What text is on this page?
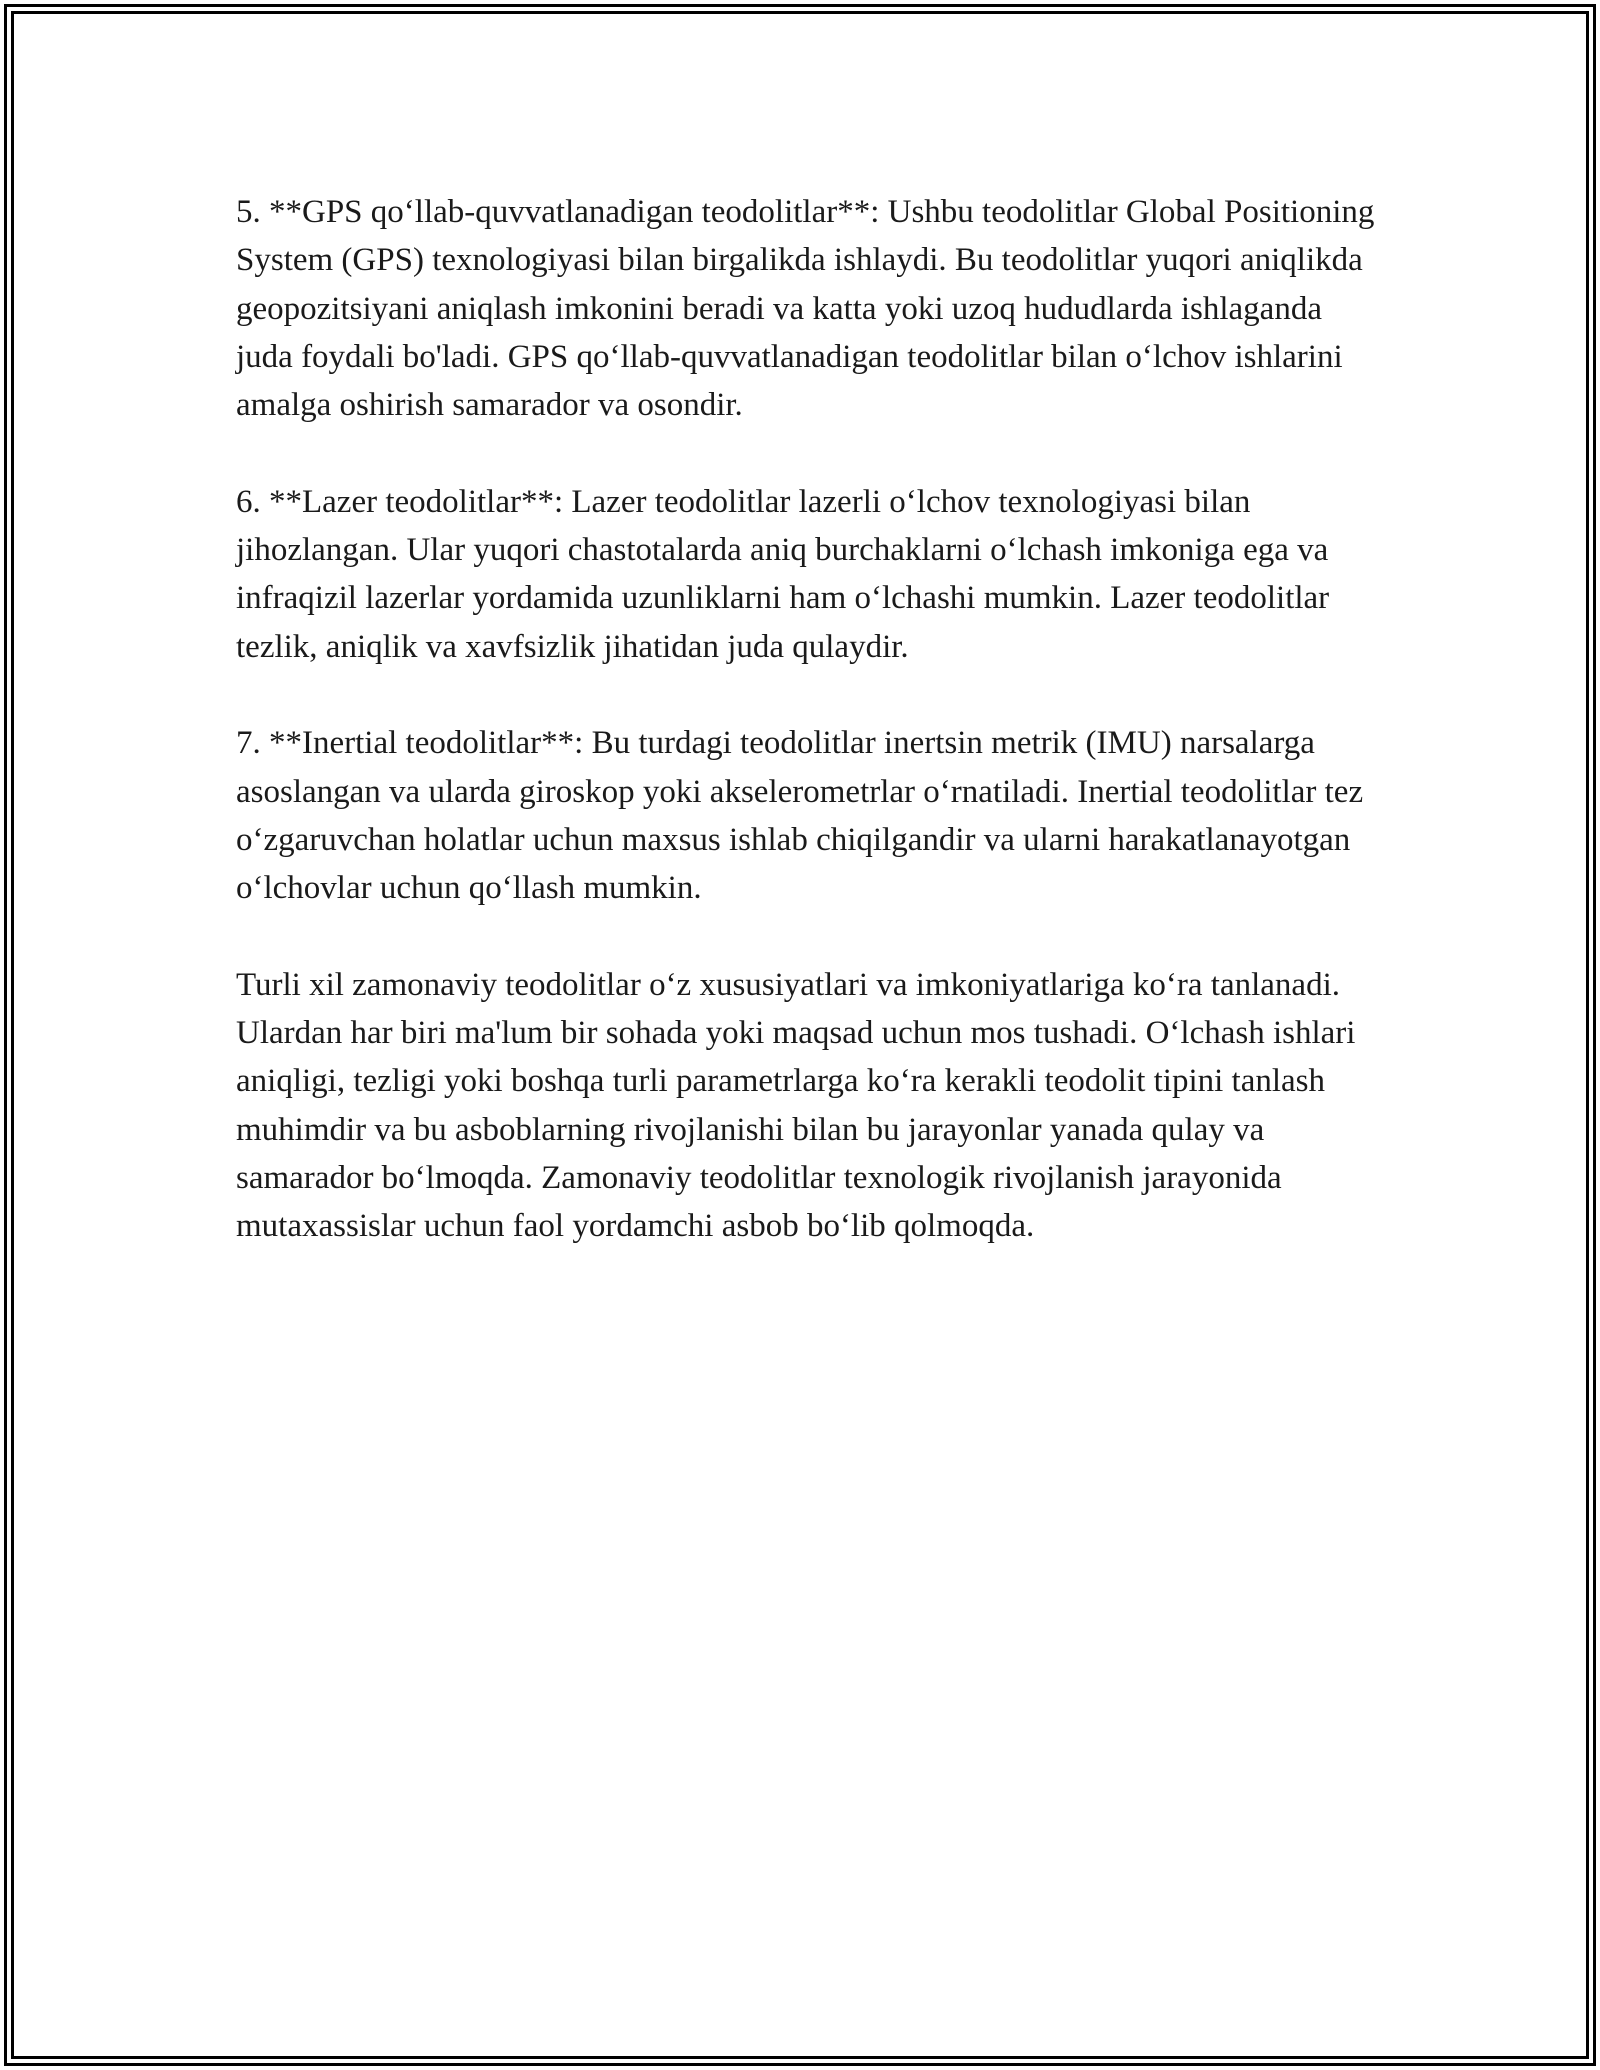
5. **GPS qo‘llab-quvvatlanadigan teodolitlar**: Ushbu teodolitlar Global Positioning System (GPS) texnologiyasi bilan birgalikda ishlaydi. Bu teodolitlar yuqori aniqlikda geopozitsiyani aniqlash imkonini beradi va katta yoki uzoq hududlarda ishlaganda juda foydali bo'ladi. GPS qo‘llab-quvvatlanadigan teodolitlar bilan o‘lchov ishlarini amalga oshirish samarador va osondir.

6. **Lazer teodolitlar**: Lazer teodolitlar lazerli o‘lchov texnologiyasi bilan jihozlangan. Ular yuqori chastotalarda aniq burchaklarni o‘lchash imkoniga ega va infraqizil lazerlar yordamida uzunliklarni ham o‘lchashi mumkin. Lazer teodolitlar tezlik, aniqlik va xavfsizlik jihatidan juda qulaydir.

7. **Inertial teodolitlar**: Bu turdagi teodolitlar inertsin metrik (IMU) narsalarga asoslangan va ularda giroskop yoki akselerometrlar o‘rnatiladi. Inertial teodolitlar tez o‘zgaruvchan holatlar uchun maxsus ishlab chiqilgandir va ularni harakatlanayotgan o‘lchovlar uchun qo‘llash mumkin.

Turli xil zamonaviy teodolitlar o‘z xususiyatlari va imkoniyatlariga ko‘ra tanlanadi. Ulardan har biri ma'lum bir sohada yoki maqsad uchun mos tushadi. O‘lchash ishlari aniqligi, tezligi yoki boshqa turli parametrlarga ko‘ra kerakli teodolit tipini tanlash muhimdir va bu asboblarning rivojlanishi bilan bu jarayonlar yanada qulay va samarador bo‘lmoqda. Zamonaviy teodolitlar texnologik rivojlanish jarayonida mutaxassislar uchun faol yordamchi asbob bo‘lib qolmoqda.
